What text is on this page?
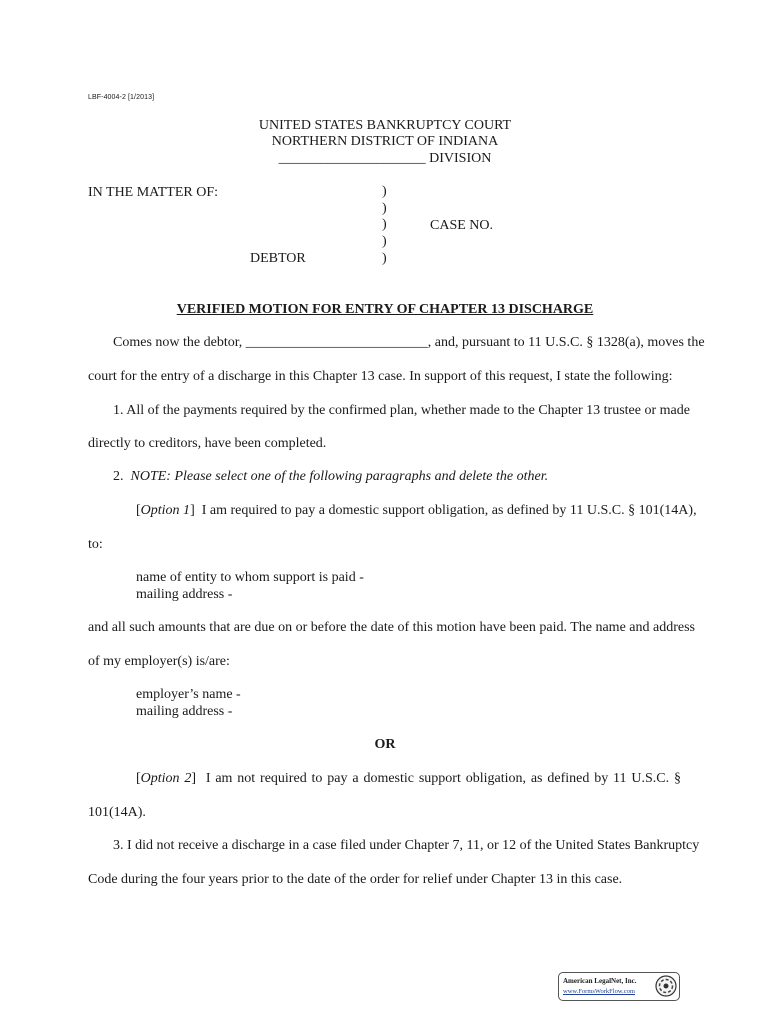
LBF-4004-2 [1/2013]
UNITED STATES BANKRUPTCY COURT
NORTHERN DISTRICT OF INDIANA
_____________________ DIVISION
IN THE MATTER OF:
DEBTOR
)
)
)
)
)
CASE NO.
VERIFIED MOTION FOR ENTRY OF CHAPTER 13 DISCHARGE
Comes now the debtor, __________________________, and, pursuant to 11 U.S.C. § 1328(a), moves the
court for the entry of a discharge in this Chapter 13 case. In support of this request, I state the following:
1. All of the payments required by the confirmed plan, whether made to the Chapter 13 trustee or made
directly to creditors, have been completed.
2. NOTE: Please select one of the following paragraphs and delete the other.
[Option 1]  I am required to pay a domestic support obligation, as defined by 11 U.S.C. § 101(14A),
to:
name of entity to whom support is paid -
mailing address -
and all such amounts that are due on or before the date of this motion have been paid. The name and address
of my employer(s) is/are:
employer’s name -
mailing address -
OR
[Option 2]  I am not required to pay a domestic support obligation, as defined by 11 U.S.C. §
101(14A).
3. I did not receive a discharge in a case filed under Chapter 7, 11, or 12 of the United States Bankruptcy
Code during the four years prior to the date of the order for relief under Chapter 13 in this case.
American LegalNet, Inc.
www.FormsWorkFlow.com
